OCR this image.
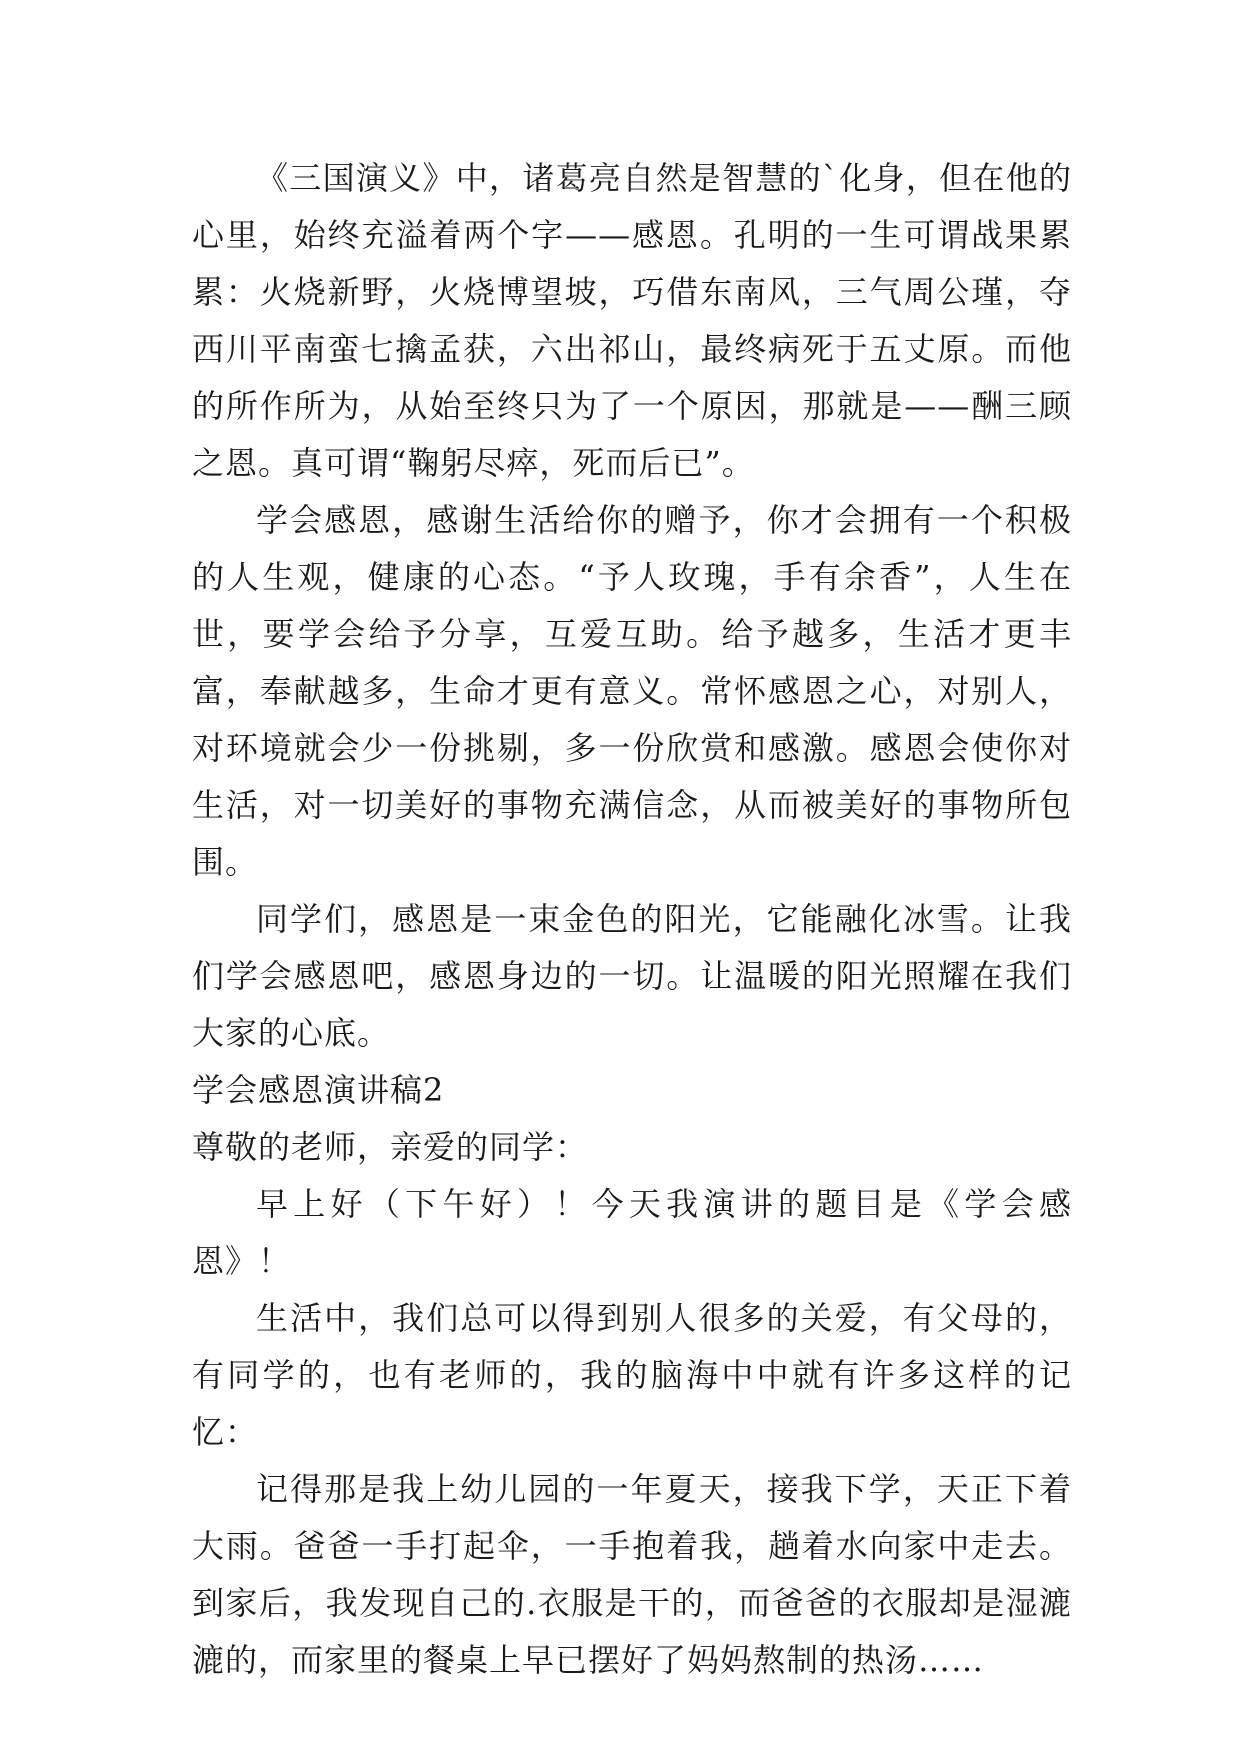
《三国演义》中，诸葛亮自然是智慧的`化身，但在他的心里，始终充溢着两个字——感恩。孔明的一生可谓战果累累：火烧新野，火烧博望坡，巧借东南风，三气周公瑾，夺西川平南蛮七擒孟获，六出祁山，最终病死于五丈原。而他的所作所为，从始至终只为了一个原因，那就是——酬三顾之恩。真可谓“鞠躬尽瘁，死而后已”。

学会感恩，感谢生活给你的赠予，你才会拥有一个积极的人生观，健康的心态。“予人玫瑰，手有余香”，人生在世，要学会给予分享，互爱互助。给予越多，生活才更丰富，奉献越多，生命才更有意义。常怀感恩之心，对别人，对环境就会少一份挑剔，多一份欣赏和感激。感恩会使你对生活，对一切美好的事物充满信念，从而被美好的事物所包围。

同学们，感恩是一束金色的阳光，它能融化冰雪。让我们学会感恩吧，感恩身边的一切。让温暖的阳光照耀在我们大家的心底。

学会感恩演讲稿2

尊敬的老师，亲爱的同学：

早上好（下午好）！今天我演讲的题目是《学会感恩》！

生活中，我们总可以得到别人很多的关爱，有父母的，有同学的，也有老师的，我的脑海中中就有许多这样的记忆：

记得那是我上幼儿园的一年夏天，接我下学，天正下着大雨。爸爸一手打起伞，一手抱着我，趟着水向家中走去。到家后，我发现自己的.衣服是干的，而爸爸的衣服却是湿漉漉的，而家里的餐桌上早已摆好了妈妈熬制的热汤……
